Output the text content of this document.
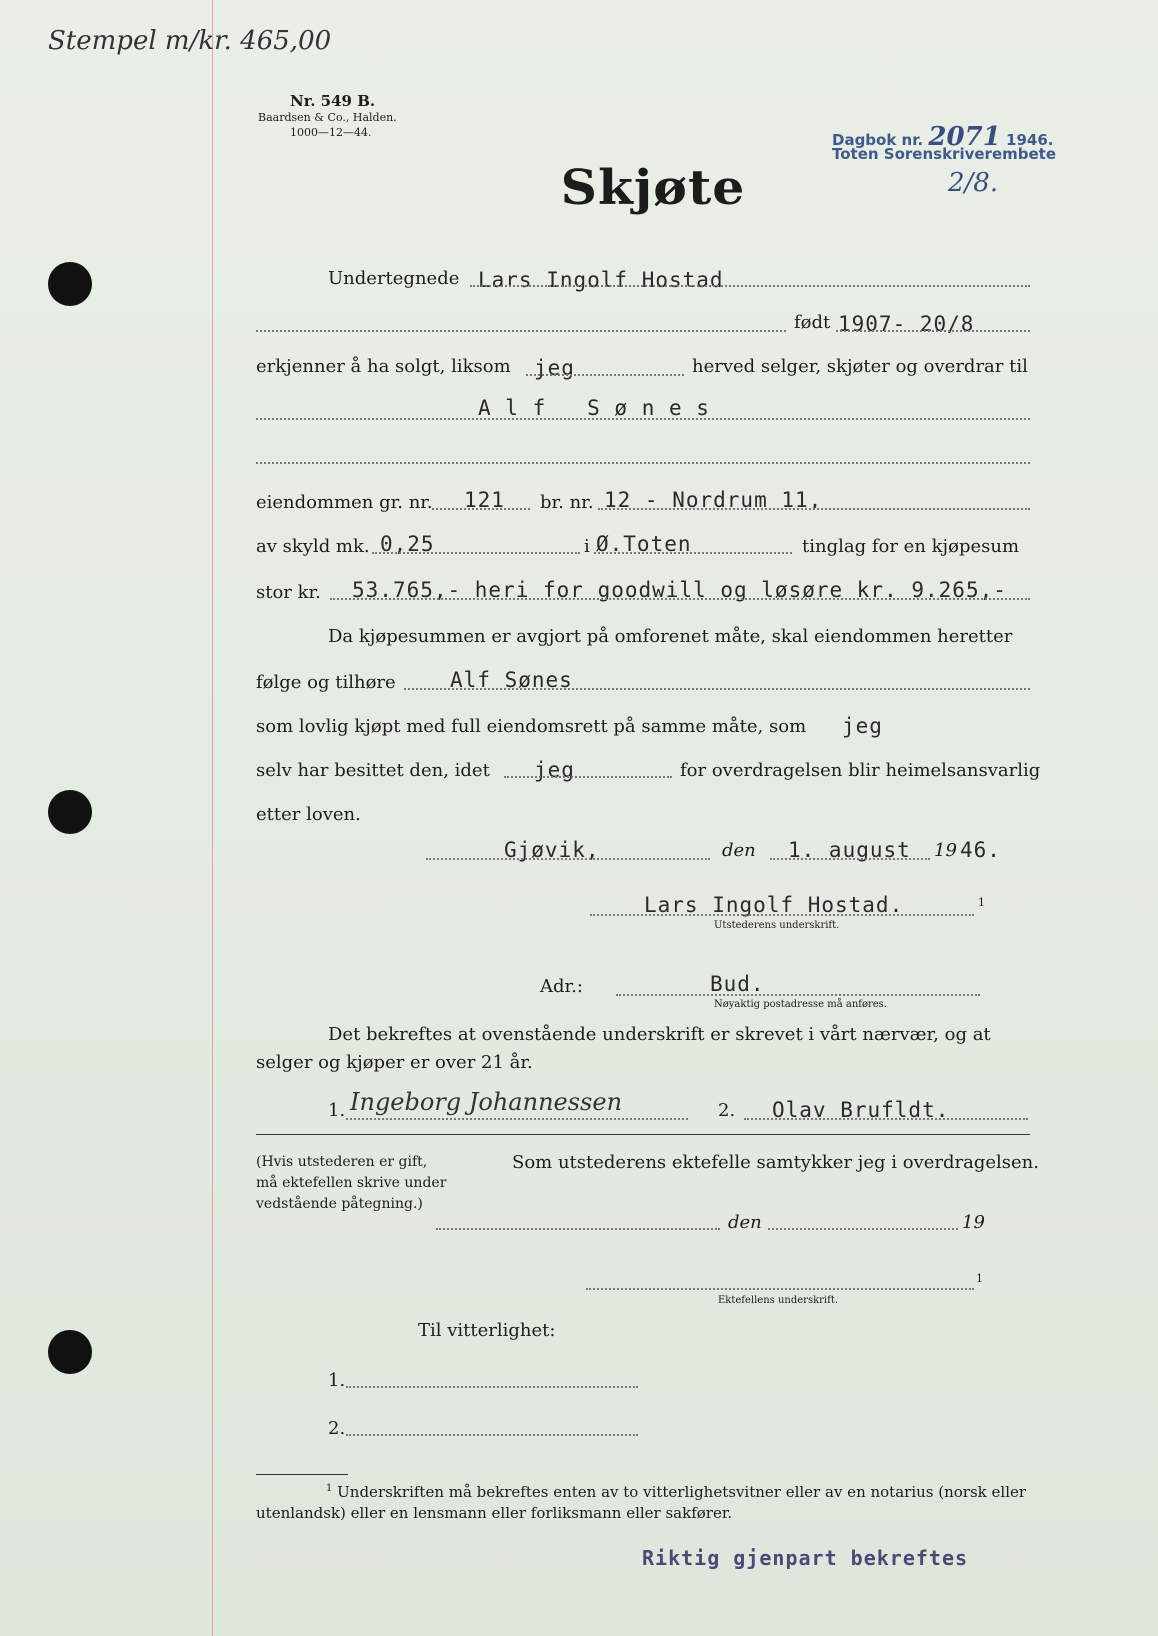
Stempel m/kr. 465,00
Nr. 549 B.
Baardsen & Co., Halden.
1000—12—44.	Dagbok nr. 2071 1946.
Toten Sorenskriverembete
2/8.
Skjøte
Undertegnede Lars Ingolf Hostad
født 1907- 20/8
erkjenner å ha solgt, liksom jeg	herved selger, skjøter og overdrar til
A l f   S ø n e s
eiendommen gr. nr. 121 br. nr. 12 - Nordrum 11,
av skyld mk. 0,25	i Ø.Toten	tinglag for en kjøpesum
stor kr. 53.765,- heri for goodwill og løsøre kr. 9.265,-
Da kjøpesummen er avgjort på omforenet måte, skal eiendommen heretter
følge og tilhøre	Alf Sønes
som lovlig kjøpt med full eiendomsrett på samme måte, som jeg
selv har besittet den, idet jeg	for overdragelsen blir heimelsansvarlig
etter loven.
Gjøvik,	den 1. august 19 46.
Lars Ingolf Hostad.	1
Utstederens underskrift.
Adr.:	Bud.
Nøyaktig postadresse må anføres.
Det bekreftes at ovenstående underskrift er skrevet i vårt nærvær, og at
selger og kjøper er over 21 år.
1. Ingeborg Johannessen	2. Olav Brufldt.
(Hvis utstederen er gift,
må ektefellen skrive under
vedstående påtegning.)
Som utstederens ektefelle samtykker jeg i overdragelsen.
den	19
1
Ektefellens underskrift.
Til vitterlighet:
1.
2.
$^1$ Underskriften må bekreftes enten av to vitterlighetsvitner eller av en notarius (norsk eller
utenlandsk) eller en lensmann eller forliksmann eller sakfører.
Riktig gjenpart bekreftes
